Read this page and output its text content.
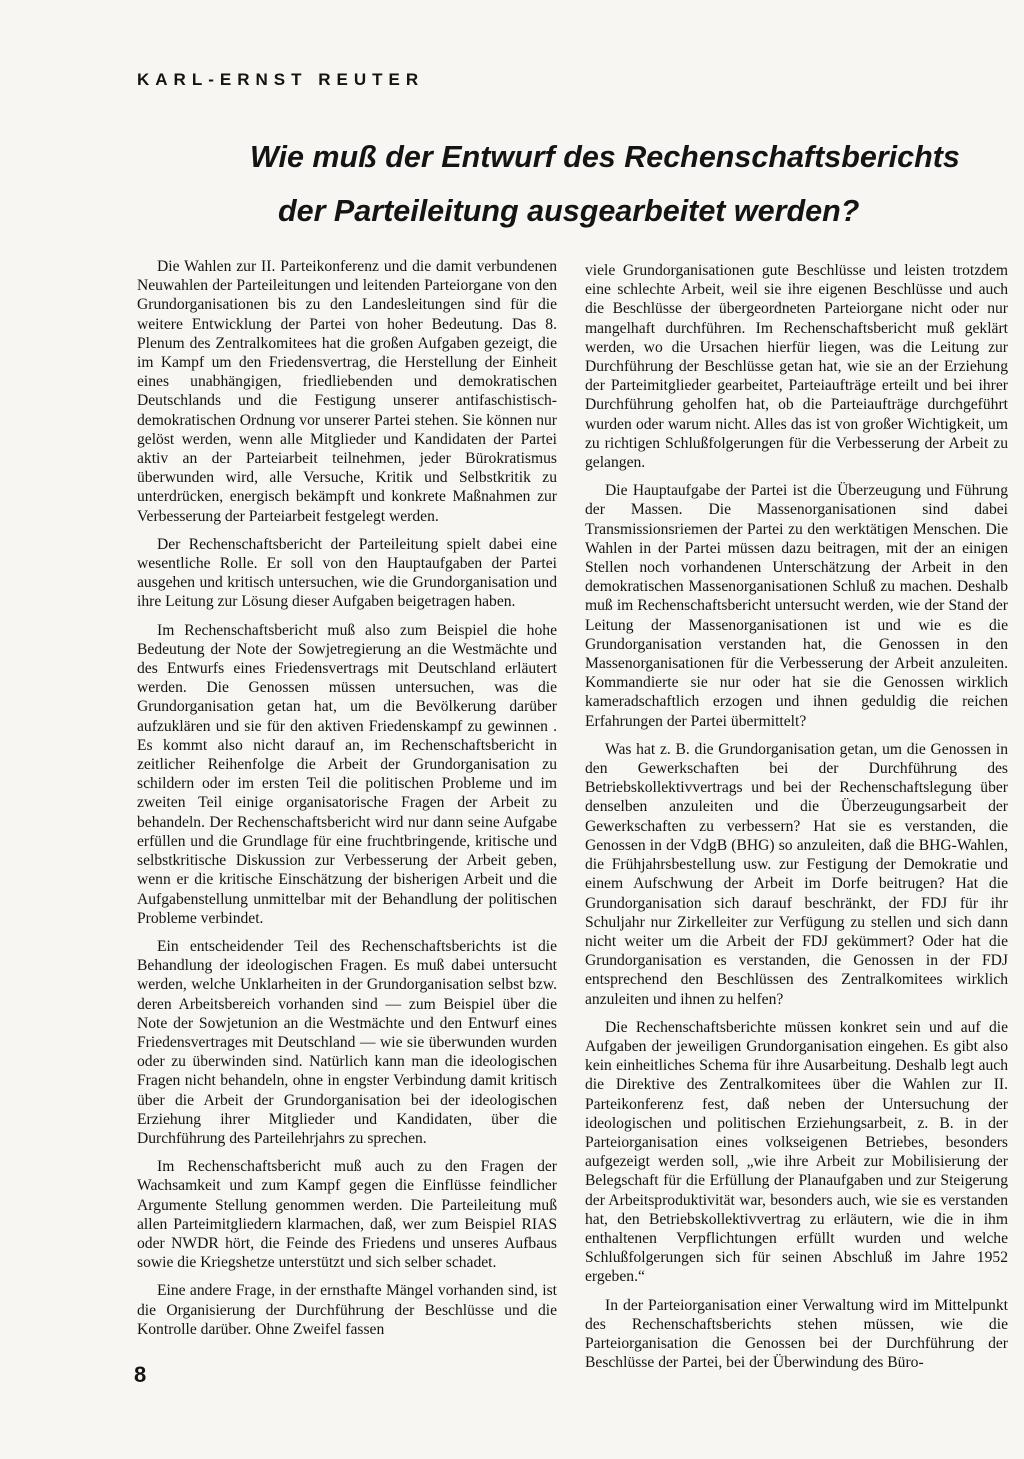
KARL-ERNST REUTER
Wie muß der Entwurf des Rechenschaftsberichts
der Parteileitung ausgearbeitet werden?

Die Wahlen zur II. Parteikonferenz und die damit verbundenen Neuwahlen der Parteileitungen und leitenden Parteiorgane von den Grundorganisationen bis zu den Landesleitungen sind für die weitere Entwicklung der Partei von hoher Bedeutung. Das 8. Plenum des Zentralkomitees hat die großen Aufgaben gezeigt, die im Kampf um den Friedensvertrag, die Herstellung der Einheit eines unabhängigen, friedliebenden und demokratischen Deutschlands und die Festigung unserer antifaschistisch-demokratischen Ordnung vor unserer Partei stehen. Sie können nur gelöst werden, wenn alle Mitglieder und Kandidaten der Partei aktiv an der Parteiarbeit teilnehmen, jeder Bürokratismus überwunden wird, alle Versuche, Kritik und Selbstkritik zu unterdrücken, energisch bekämpft und konkrete Maßnahmen zur Verbesserung der Parteiarbeit festgelegt werden.

Der Rechenschaftsbericht der Parteileitung spielt dabei eine wesentliche Rolle. Er soll von den Hauptaufgaben der Partei ausgehen und kritisch untersuchen, wie die Grundorganisation und ihre Leitung zur Lösung dieser Aufgaben beigetragen haben.

Im Rechenschaftsbericht muß also zum Beispiel die hohe Bedeutung der Note der Sowjetregierung an die Westmächte und des Entwurfs eines Friedensvertrags mit Deutschland erläutert werden. Die Genossen müssen untersuchen, was die Grundorganisation getan hat, um die Bevölkerung darüber aufzuklären und sie für den aktiven Friedenskampf zu gewinnen . Es kommt also nicht darauf an, im Rechenschaftsbericht in zeitlicher Reihenfolge die Arbeit der Grundorganisation zu schildern oder im ersten Teil die politischen Probleme und im zweiten Teil einige organisatorische Fragen der Arbeit zu behandeln. Der Rechenschaftsbericht wird nur dann seine Aufgabe erfüllen und die Grundlage für eine fruchtbringende, kritische und selbstkritische Diskussion zur Verbesserung der Arbeit geben, wenn er die kritische Einschätzung der bisherigen Arbeit und die Aufgabenstellung unmittelbar mit der Behandlung der politischen Probleme verbindet.

Ein entscheidender Teil des Rechenschaftsberichts ist die Behandlung der ideologischen Fragen. Es muß dabei untersucht werden, welche Unklarheiten in der Grundorganisation selbst bzw. deren Arbeitsbereich vorhanden sind — zum Beispiel über die Note der Sowjetunion an die Westmächte und den Entwurf eines Friedensvertrages mit Deutschland — wie sie überwunden wurden oder zu überwinden sind. Natürlich kann man die ideologischen Fragen nicht behandeln, ohne in engster Verbindung damit kritisch über die Arbeit der Grundorganisation bei der ideologischen Erziehung ihrer Mitglieder und Kandidaten, über die Durchführung des Parteilehrjahrs zu sprechen.

Im Rechenschaftsbericht muß auch zu den Fragen der Wachsamkeit und zum Kampf gegen die Einflüsse feindlicher Argumente Stellung genommen werden. Die Parteileitung muß allen Parteimitgliedern klarmachen, daß, wer zum Beispiel RIAS oder NWDR hört, die Feinde des Friedens und unseres Aufbaus sowie die Kriegshetze unterstützt und sich selber schadet.

Eine andere Frage, in der ernsthafte Mängel vorhanden sind, ist die Organisierung der Durchführung der Beschlüsse und die Kontrolle darüber. Ohne Zweifel fassen

viele Grundorganisationen gute Beschlüsse und leisten trotzdem eine schlechte Arbeit, weil sie ihre eigenen Beschlüsse und auch die Beschlüsse der übergeordneten Parteiorgane nicht oder nur mangelhaft durchführen. Im Rechenschaftsbericht muß geklärt werden, wo die Ursachen hierfür liegen, was die Leitung zur Durchführung der Beschlüsse getan hat, wie sie an der Erziehung der Parteimitglieder gearbeitet, Parteiaufträge erteilt und bei ihrer Durchführung geholfen hat, ob die Parteiaufträge durchgeführt wurden oder warum nicht. Alles das ist von großer Wichtigkeit, um zu richtigen Schlußfolgerungen für die Verbesserung der Arbeit zu gelangen.

Die Hauptaufgabe der Partei ist die Überzeugung und Führung der Massen. Die Massenorganisationen sind dabei Transmissionsriemen der Partei zu den werktätigen Menschen. Die Wahlen in der Partei müssen dazu beitragen, mit der an einigen Stellen noch vorhandenen Unterschätzung der Arbeit in den demokratischen Massenorganisationen Schluß zu machen. Deshalb muß im Rechenschaftsbericht untersucht werden, wie der Stand der Leitung der Massenorganisationen ist und wie es die Grundorganisation verstanden hat, die Genossen in den Massenorganisationen für die Verbesserung der Arbeit anzuleiten. Kommandierte sie nur oder hat sie die Genossen wirklich kameradschaftlich erzogen und ihnen geduldig die reichen Erfahrungen der Partei übermittelt?

Was hat z. B. die Grundorganisation getan, um die Genossen in den Gewerkschaften bei der Durchführung des Betriebskollektivvertrags und bei der Rechenschaftslegung über denselben anzuleiten und die Überzeugungsarbeit der Gewerkschaften zu verbessern? Hat sie es verstanden, die Genossen in der VdgB (BHG) so anzuleiten, daß die BHG-Wahlen, die Frühjahrsbestellung usw. zur Festigung der Demokratie und einem Aufschwung der Arbeit im Dorfe beitrugen? Hat die Grundorganisation sich darauf beschränkt, der FDJ für ihr Schuljahr nur Zirkelleiter zur Verfügung zu stellen und sich dann nicht weiter um die Arbeit der FDJ gekümmert? Oder hat die Grundorganisation es verstanden, die Genossen in der FDJ entsprechend den Beschlüssen des Zentralkomitees wirklich anzuleiten und ihnen zu helfen?

Die Rechenschaftsberichte müssen konkret sein und auf die Aufgaben der jeweiligen Grundorganisation eingehen. Es gibt also kein einheitliches Schema für ihre Ausarbeitung. Deshalb legt auch die Direktive des Zentralkomitees über die Wahlen zur II. Parteikonferenz fest, daß neben der Untersuchung der ideologischen und politischen Erziehungsarbeit, z. B. in der Parteiorganisation eines volkseigenen Betriebes, besonders aufgezeigt werden soll, „wie ihre Arbeit zur Mobilisierung der Belegschaft für die Erfüllung der Planaufgaben und zur Steigerung der Arbeitsproduktivität war, besonders auch, wie sie es verstanden hat, den Betriebskollektivvertrag zu erläutern, wie die in ihm enthaltenen Verpflichtungen erfüllt wurden und welche Schlußfolgerungen sich für seinen Abschluß im Jahre 1952 ergeben.“

In der Parteiorganisation einer Verwaltung wird im Mittelpunkt des Rechenschaftsberichts stehen müssen, wie die Parteiorganisation die Genossen bei der Durchführung der Beschlüsse der Partei, bei der Überwindung des Büro-

8
